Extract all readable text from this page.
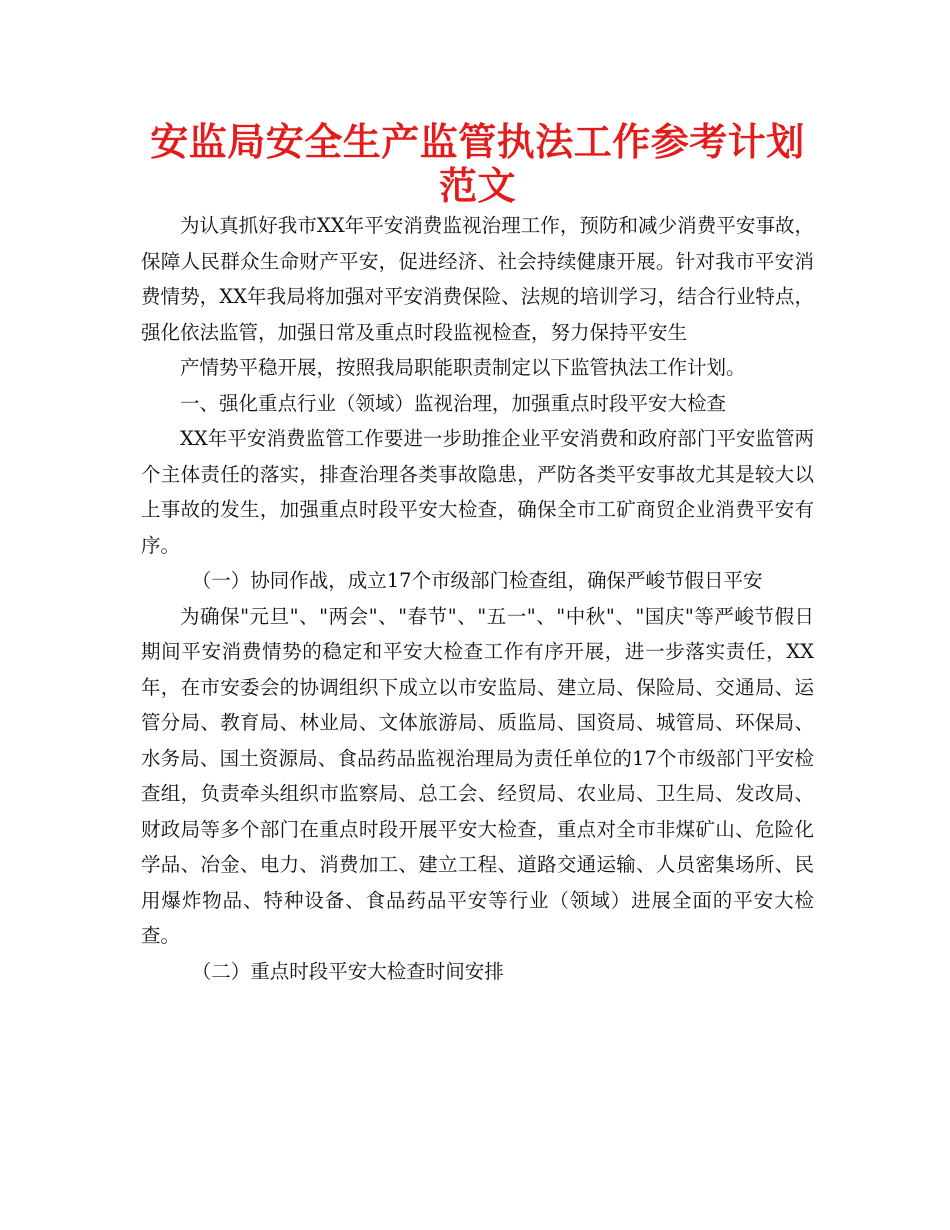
安监局安全生产监管执法工作参考计划范文

为认真抓好我市XX年平安消费监视治理工作，预防和减少消费平安事故，保障人民群众生命财产平安，促进经济、社会持续健康开展。针对我市平安消费情势，XX年我局将加强对平安消费保险、法规的培训学习，结合行业特点，强化依法监管，加强日常及重点时段监视检查，努力保持平安生

产情势平稳开展，按照我局职能职责制定以下监管执法工作计划。

一、强化重点行业（领域）监视治理，加强重点时段平安大检查

XX年平安消费监管工作要进一步助推企业平安消费和政府部门平安监管两个主体责任的落实，排查治理各类事故隐患，严防各类平安事故尤其是较大以上事故的发生，加强重点时段平安大检查，确保全市工矿商贸企业消费平安有序。

（一）协同作战，成立17个市级部门检查组，确保严峻节假日平安

为确保"元旦"、"两会"、"春节"、"五一"、"中秋"、"国庆"等严峻节假日期间平安消费情势的稳定和平安大检查工作有序开展，进一步落实责任，XX年，在市安委会的协调组织下成立以市安监局、建立局、保险局、交通局、运管分局、教育局、林业局、文体旅游局、质监局、国资局、城管局、环保局、水务局、国土资源局、食品药品监视治理局为责任单位的17个市级部门平安检查组，负责牵头组织市监察局、总工会、经贸局、农业局、卫生局、发改局、财政局等多个部门在重点时段开展平安大检查，重点对全市非煤矿山、危险化学品、冶金、电力、消费加工、建立工程、道路交通运输、人员密集场所、民用爆炸物品、特种设备、食品药品平安等行业（领域）进展全面的平安大检查。

（二）重点时段平安大检查时间安排
